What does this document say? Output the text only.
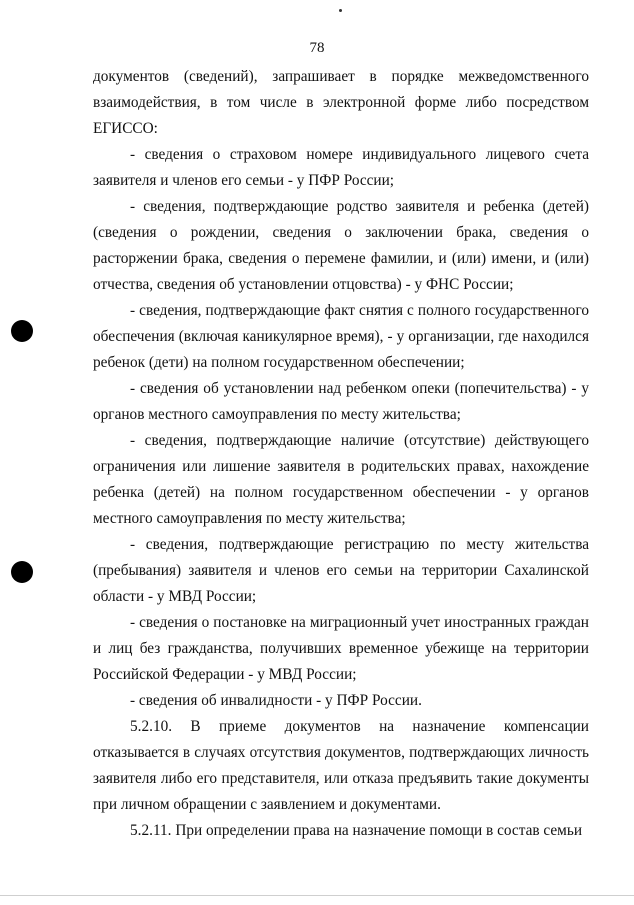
78

документов (сведений), запрашивает в порядке межведомственного взаимодействия, в том числе в электронной форме либо посредством ЕГИССО:

- сведения о страховом номере индивидуального лицевого счета заявителя и членов его семьи - у ПФР России;

- сведения, подтверждающие родство заявителя и ребенка (детей) (сведения о рождении, сведения о заключении брака, сведения о расторжении брака, сведения о перемене фамилии, и (или) имени, и (или) отчества, сведения об установлении отцовства) - у ФНС России;

- сведения, подтверждающие факт снятия с полного государственного обеспечения (включая каникулярное время), - у организации, где находился ребенок (дети) на полном государственном обеспечении;

- сведения об установлении над ребенком опеки (попечительства) - у органов местного самоуправления по месту жительства;

- сведения, подтверждающие наличие (отсутствие) действующего ограничения или лишение заявителя в родительских правах, нахождение ребенка (детей) на полном государственном обеспечении - у органов местного самоуправления по месту жительства;

- сведения, подтверждающие регистрацию по месту жительства (пребывания) заявителя и членов его семьи на территории Сахалинской области - у МВД России;

- сведения о постановке на миграционный учет иностранных граждан и лиц без гражданства, получивших временное убежище на территории Российской Федерации - у МВД России;

- сведения об инвалидности - у ПФР России.

5.2.10. В приеме документов на назначение компенсации отказывается в случаях отсутствия документов, подтверждающих личность заявителя либо его представителя, или отказа предъявить такие документы при личном обращении с заявлением и документами.

5.2.11. При определении права на назначение помощи в состав семьи
